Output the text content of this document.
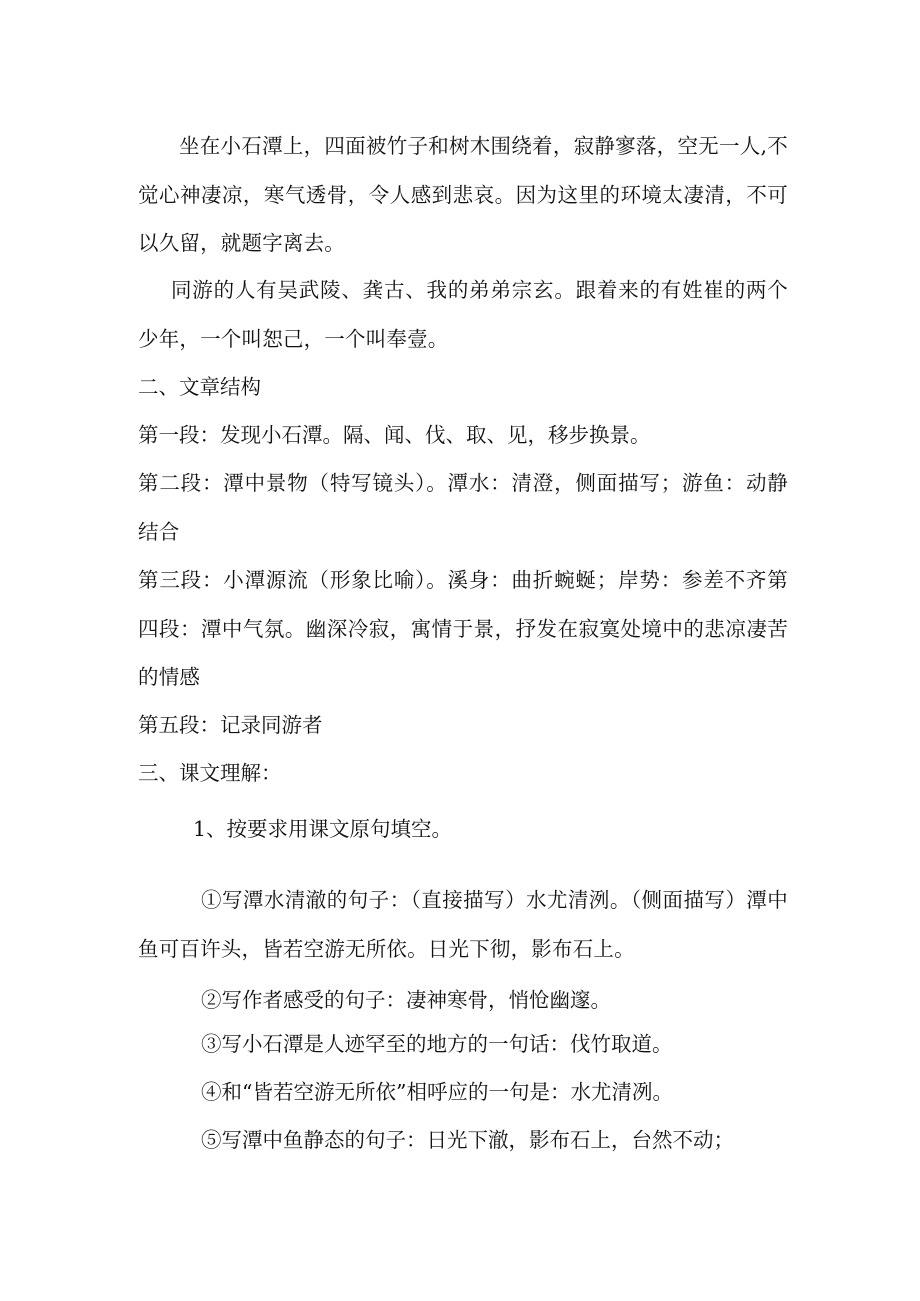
坐在小石潭上，四面被竹子和树木围绕着，寂静寥落，空无一人,不觉心神凄凉，寒气透骨，令人感到悲哀。因为这里的环境太凄清，不可以久留，就题字离去。

同游的人有吴武陵、龚古、我的弟弟宗玄。跟着来的有姓崔的两个少年，一个叫恕己，一个叫奉壹。

二、文章结构

第一段：发现小石潭。隔、闻、伐、取、见，移步换景。

第二段：潭中景物（特写镜头）。潭水：清澄，侧面描写；游鱼：动静结合

第三段：小潭源流（形象比喻）。溪身：曲折蜿蜒；岸势：参差不齐第四段：潭中气氛。幽深冷寂，寓情于景，抒发在寂寞处境中的悲凉凄苦的情感

第五段：记录同游者

三、课文理解：

1、按要求用课文原句填空。

①写潭水清澈的句子：（直接描写）水尤清洌。（侧面描写）潭中鱼可百许头，皆若空游无所依。日光下彻，影布石上。

②写作者感受的句子：凄神寒骨，悄怆幽邃。

③写小石潭是人迹罕至的地方的一句话：伐竹取道。

④和“皆若空游无所依”相呼应的一句是：水尤清冽。

⑤写潭中鱼静态的句子：日光下澈，影布石上，台然不动；
